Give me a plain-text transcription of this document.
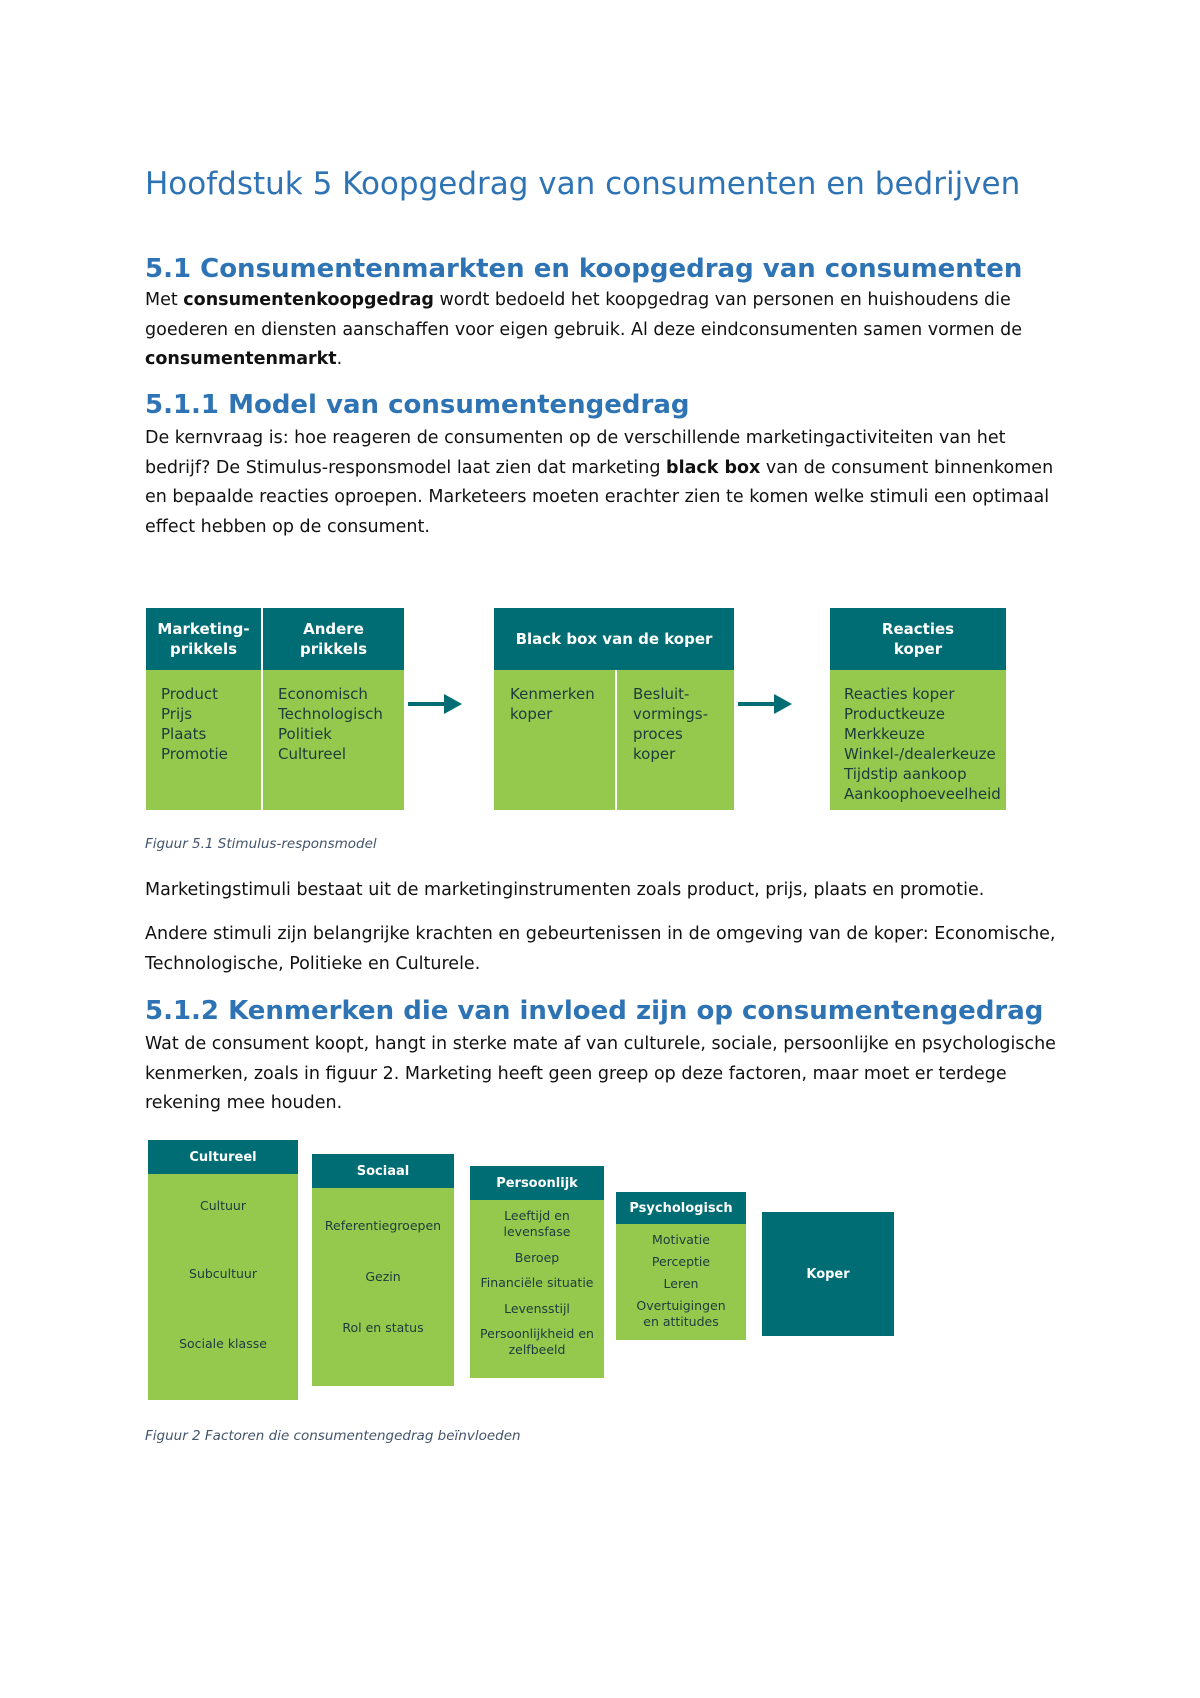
Hoofdstuk 5 Koopgedrag van consumenten en bedrijven
5.1 Consumentenmarkten en koopgedrag van consumenten

Met consumentenkoopgedrag wordt bedoeld het koopgedrag van personen en huishoudens die goederen en diensten aanschaffen voor eigen gebruik. Al deze eindconsumenten samen vormen de consumentenmarkt.

5.1.1 Model van consumentengedrag

De kernvraag is: hoe reageren de consumenten op de verschillende marketingactiviteiten van het bedrijf? De Stimulus-responsmodel laat zien dat marketing black box van de consument binnenkomen en bepaalde reacties oproepen. Marketeers moeten erachter zien te komen welke stimuli een optimaal effect hebben op de consument.

Marketing-
prikkels
Andere
prikkels
Product
Prijs
Plaats
Promotie
Economisch
Technologisch
Politiek
Cultureel
Black box van de koper
Kenmerken
koper
Besluit-
vormings-
proces
koper
Reacties
koper
Reacties koper
Productkeuze
Merkkeuze
Winkel-/dealerkeuze
Tijdstip aankoop
Aankoophoeveelheid

Figuur 5.1 Stimulus-responsmodel

Marketingstimuli bestaat uit de marketinginstrumenten zoals product, prijs, plaats en promotie.

Andere stimuli zijn belangrijke krachten en gebeurtenissen in de omgeving van de koper: Economische, Technologische, Politieke en Culturele.

5.1.2 Kenmerken die van invloed zijn op consumentengedrag

Wat de consument koopt, hangt in sterke mate af van culturele, sociale, persoonlijke en psychologische kenmerken, zoals in figuur 2. Marketing heeft geen greep op deze factoren, maar moet er terdege rekening mee houden.

Cultureel
Cultuur
Subcultuur
Sociale klasse
Sociaal
Referentiegroepen
Gezin
Rol en status
Persoonlijk
Leeftijd en
levensfase
Beroep
Financiële situatie
Levensstijl
Persoonlijkheid en
zelfbeeld
Psychologisch
Motivatie
Perceptie
Leren
Overtuigingen
en attitudes
Koper

Figuur 2 Factoren die consumentengedrag beïnvloeden
